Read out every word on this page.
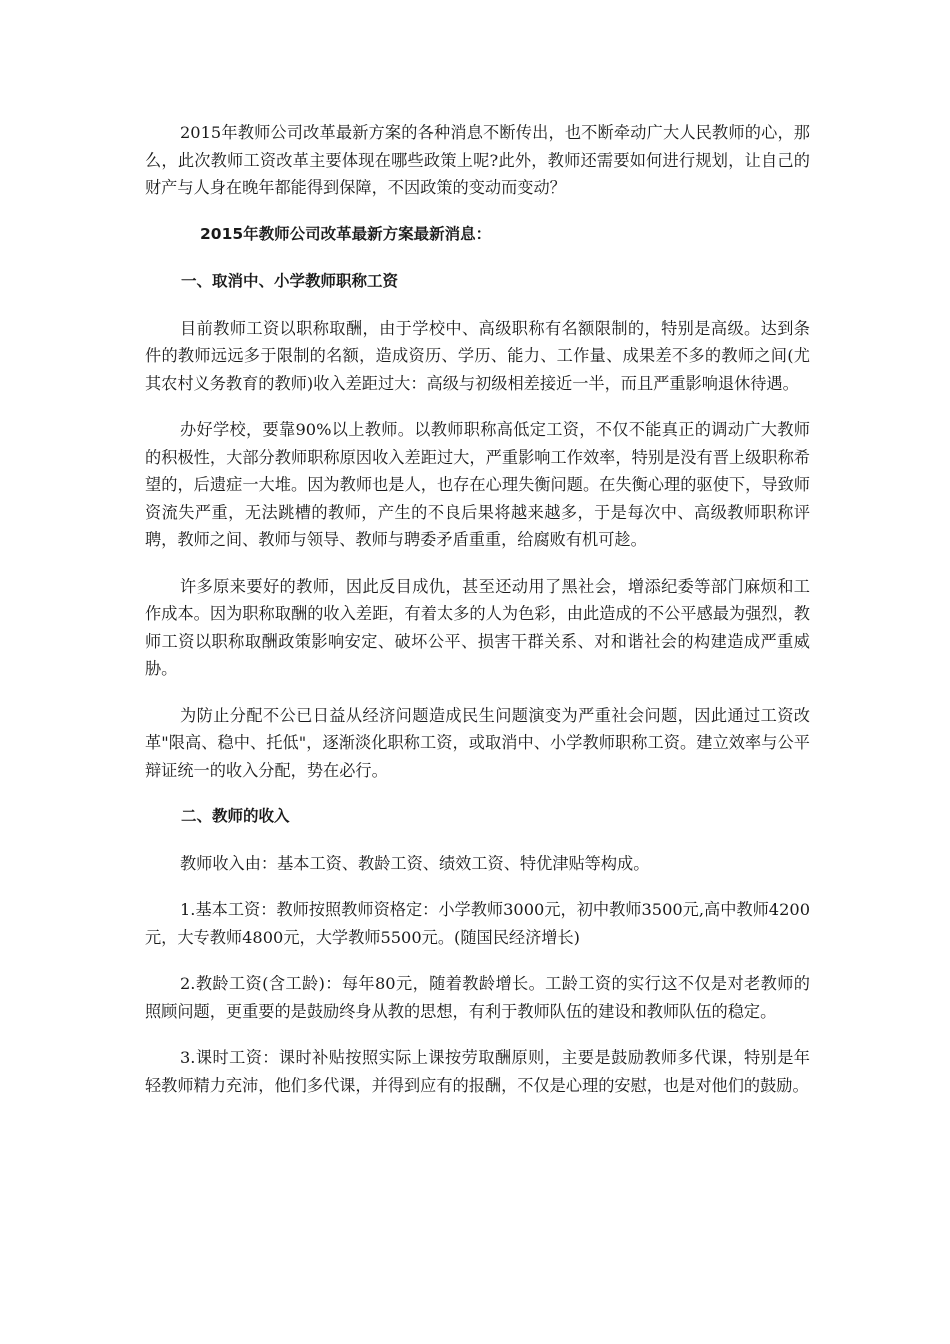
2015年教师公司改革最新方案的各种消息不断传出，也不断牵动广大人民教师的心，那么，此次教师工资改革主要体现在哪些政策上呢?此外，教师还需要如何进行规划，让自己的财产与人身在晚年都能得到保障，不因政策的变动而变动？

2015年教师公司改革最新方案最新消息：

一、取消中、小学教师职称工资

目前教师工资以职称取酬，由于学校中、高级职称有名额限制的，特别是高级。达到条件的教师远远多于限制的名额，造成资历、学历、能力、工作量、成果差不多的教师之间(尤其农村义务教育的教师)收入差距过大：高级与初级相差接近一半，而且严重影响退休待遇。

办好学校，要靠90%以上教师。以教师职称高低定工资，不仅不能真正的调动广大教师的积极性，大部分教师职称原因收入差距过大，严重影响工作效率，特别是没有晋上级职称希望的，后遗症一大堆。因为教师也是人，也存在心理失衡问题。在失衡心理的驱使下，导致师资流失严重，无法跳槽的教师，产生的不良后果将越来越多，于是每次中、高级教师职称评聘，教师之间、教师与领导、教师与聘委矛盾重重，给腐败有机可趁。

许多原来要好的教师，因此反目成仇，甚至还动用了黑社会，增添纪委等部门麻烦和工作成本。因为职称取酬的收入差距，有着太多的人为色彩，由此造成的不公平感最为强烈，教师工资以职称取酬政策影响安定、破坏公平、损害干群关系、对和谐社会的构建造成严重威胁。

为防止分配不公已日益从经济问题造成民生问题演变为严重社会问题，因此通过工资改革"限高、稳中、托低"，逐渐淡化职称工资，或取消中、小学教师职称工资。建立效率与公平辩证统一的收入分配，势在必行。

二、教师的收入

教师收入由：基本工资、教龄工资、绩效工资、特优津贴等构成。

1.基本工资：教师按照教师资格定：小学教师3000元，初中教师3500元,高中教师4200元，大专教师4800元，大学教师5500元。(随国民经济增长)

2.教龄工资(含工龄)：每年80元，随着教龄增长。工龄工资的实行这不仅是对老教师的照顾问题，更重要的是鼓励终身从教的思想，有利于教师队伍的建设和教师队伍的稳定。

3.课时工资：课时补贴按照实际上课按劳取酬原则，主要是鼓励教师多代课，特别是年轻教师精力充沛，他们多代课，并得到应有的报酬，不仅是心理的安慰，也是对他们的鼓励。
